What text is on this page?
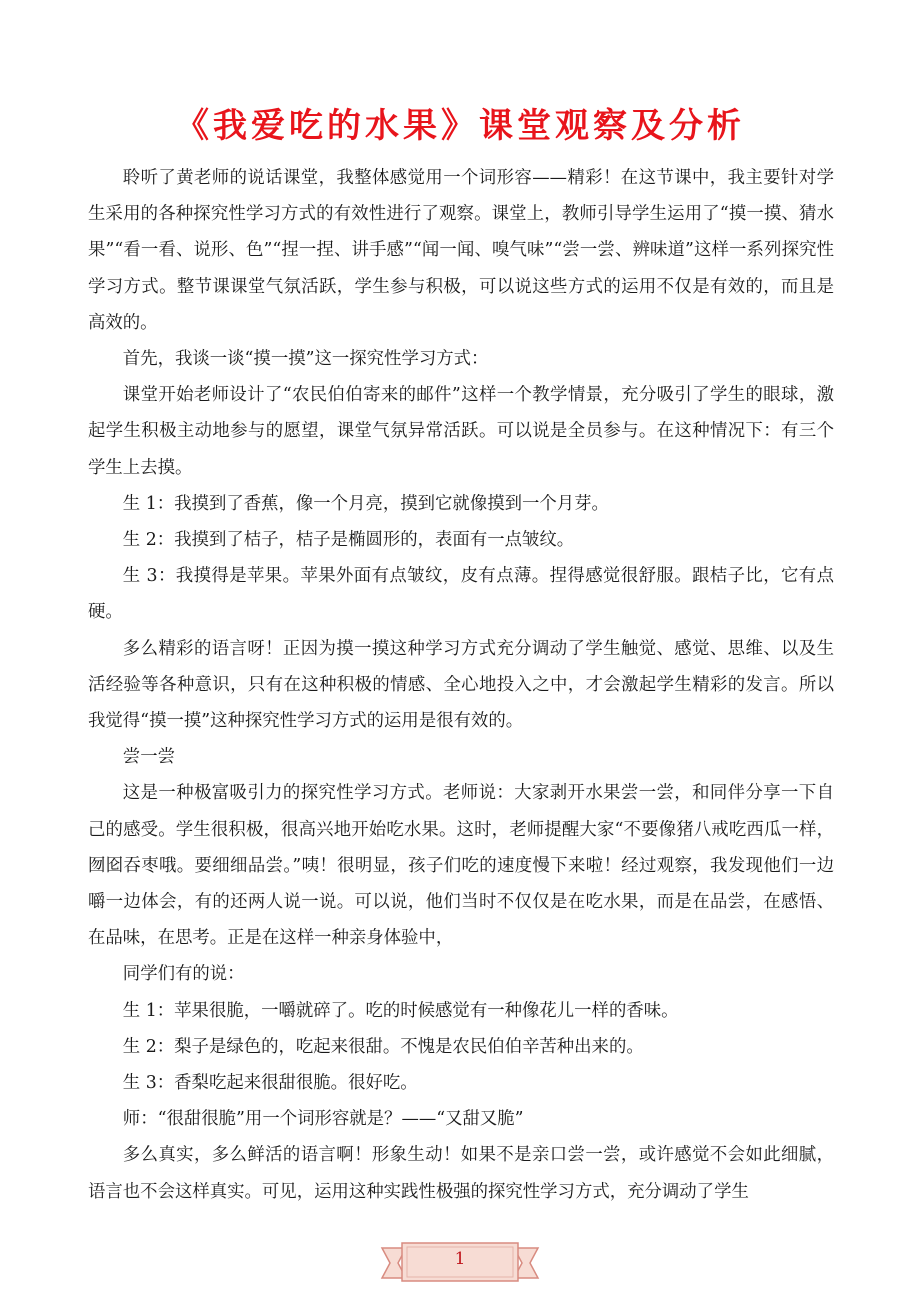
《我爱吃的水果》课堂观察及分析

聆听了黄老师的说话课堂，我整体感觉用一个词形容——精彩！在这节课中，我主要针对学生采用的各种探究性学习方式的有效性进行了观察。课堂上，教师引导学生运用了“摸一摸、猜水果”“看一看、说形、色”“捏一捏、讲手感”“闻一闻、嗅气味”“尝一尝、辨味道”这样一系列探究性学习方式。整节课课堂气氛活跃，学生参与积极，可以说这些方式的运用不仅是有效的，而且是高效的。

首先，我谈一谈“摸一摸”这一探究性学习方式：

课堂开始老师设计了“农民伯伯寄来的邮件”这样一个教学情景，充分吸引了学生的眼球，激起学生积极主动地参与的愿望，课堂气氛异常活跃。可以说是全员参与。在这种情况下：有三个学生上去摸。

生 1：我摸到了香蕉，像一个月亮，摸到它就像摸到一个月芽。

生 2：我摸到了桔子，桔子是椭圆形的，表面有一点皱纹。

生 3：我摸得是苹果。苹果外面有点皱纹，皮有点薄。捏得感觉很舒服。跟桔子比，它有点硬。

多么精彩的语言呀！正因为摸一摸这种学习方式充分调动了学生触觉、感觉、思维、以及生活经验等各种意识，只有在这种积极的情感、全心地投入之中，才会激起学生精彩的发言。所以我觉得“摸一摸”这种探究性学习方式的运用是很有效的。

尝一尝

这是一种极富吸引力的探究性学习方式。老师说：大家剥开水果尝一尝，和同伴分享一下自己的感受。学生很积极，很高兴地开始吃水果。这时，老师提醒大家“不要像猪八戒吃西瓜一样，囫囵吞枣哦。要细细品尝。”咦！很明显，孩子们吃的速度慢下来啦！经过观察，我发现他们一边嚼一边体会，有的还两人说一说。可以说，他们当时不仅仅是在吃水果，而是在品尝，在感悟、在品味，在思考。正是在这样一种亲身体验中，

同学们有的说：

生 1：苹果很脆，一嚼就碎了。吃的时候感觉有一种像花儿一样的香味。

生 2：梨子是绿色的，吃起来很甜。不愧是农民伯伯辛苦种出来的。

生 3：香梨吃起来很甜很脆。很好吃。

师：“很甜很脆”用一个词形容就是？——“又甜又脆”

多么真实，多么鲜活的语言啊！形象生动！如果不是亲口尝一尝，或许感觉不会如此细腻，语言也不会这样真实。可见，运用这种实践性极强的探究性学习方式，充分调动了学生

1
